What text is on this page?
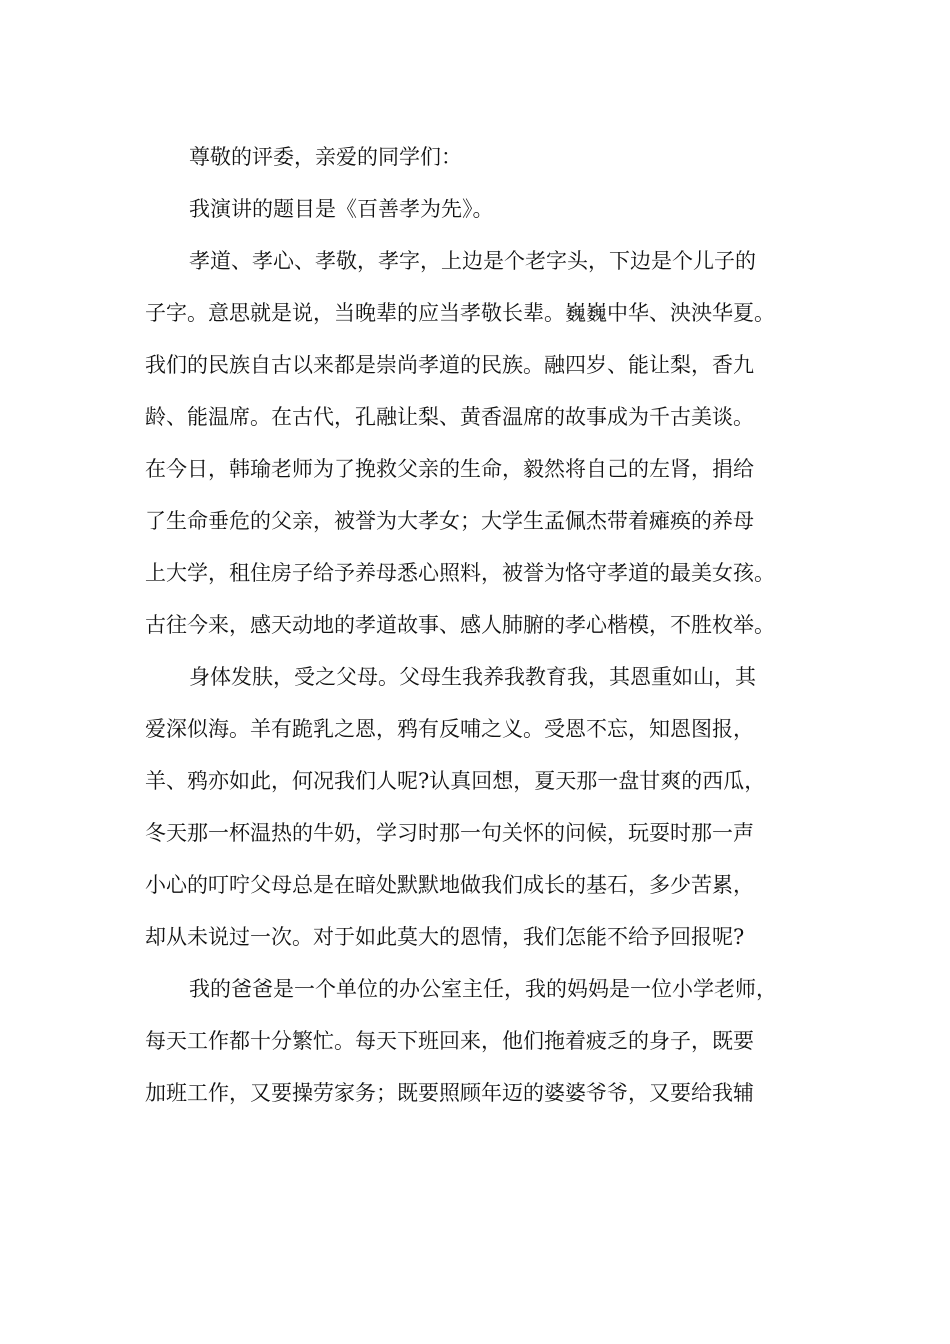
尊敬的评委，亲爱的同学们：
我演讲的题目是《百善孝为先》。
孝道、孝心、孝敬，孝字，上边是个老字头，下边是个儿子的
子字。意思就是说，当晚辈的应当孝敬长辈。巍巍中华、泱泱华夏。
我们的民族自古以来都是崇尚孝道的民族。融四岁、能让梨，香九
龄、能温席。在古代，孔融让梨、黄香温席的故事成为千古美谈。
在今日，韩瑜老师为了挽救父亲的生命，毅然将自己的左肾，捐给
了生命垂危的父亲，被誉为大孝女；大学生孟佩杰带着瘫痪的养母
上大学，租住房子给予养母悉心照料，被誉为恪守孝道的最美女孩。
古往今来，感天动地的孝道故事、感人肺腑的孝心楷模，不胜枚举。
身体发肤，受之父母。父母生我养我教育我，其恩重如山，其
爱深似海。羊有跪乳之恩，鸦有反哺之义。受恩不忘，知恩图报，
羊、鸦亦如此，何况我们人呢?认真回想，夏天那一盘甘爽的西瓜，
冬天那一杯温热的牛奶，学习时那一句关怀的问候，玩耍时那一声
小心的叮咛父母总是在暗处默默地做我们成长的基石，多少苦累，
却从未说过一次。对于如此莫大的恩情，我们怎能不给予回报呢?
我的爸爸是一个单位的办公室主任，我的妈妈是一位小学老师，
每天工作都十分繁忙。每天下班回来，他们拖着疲乏的身子，既要
加班工作，又要操劳家务；既要照顾年迈的婆婆爷爷，又要给我辅
